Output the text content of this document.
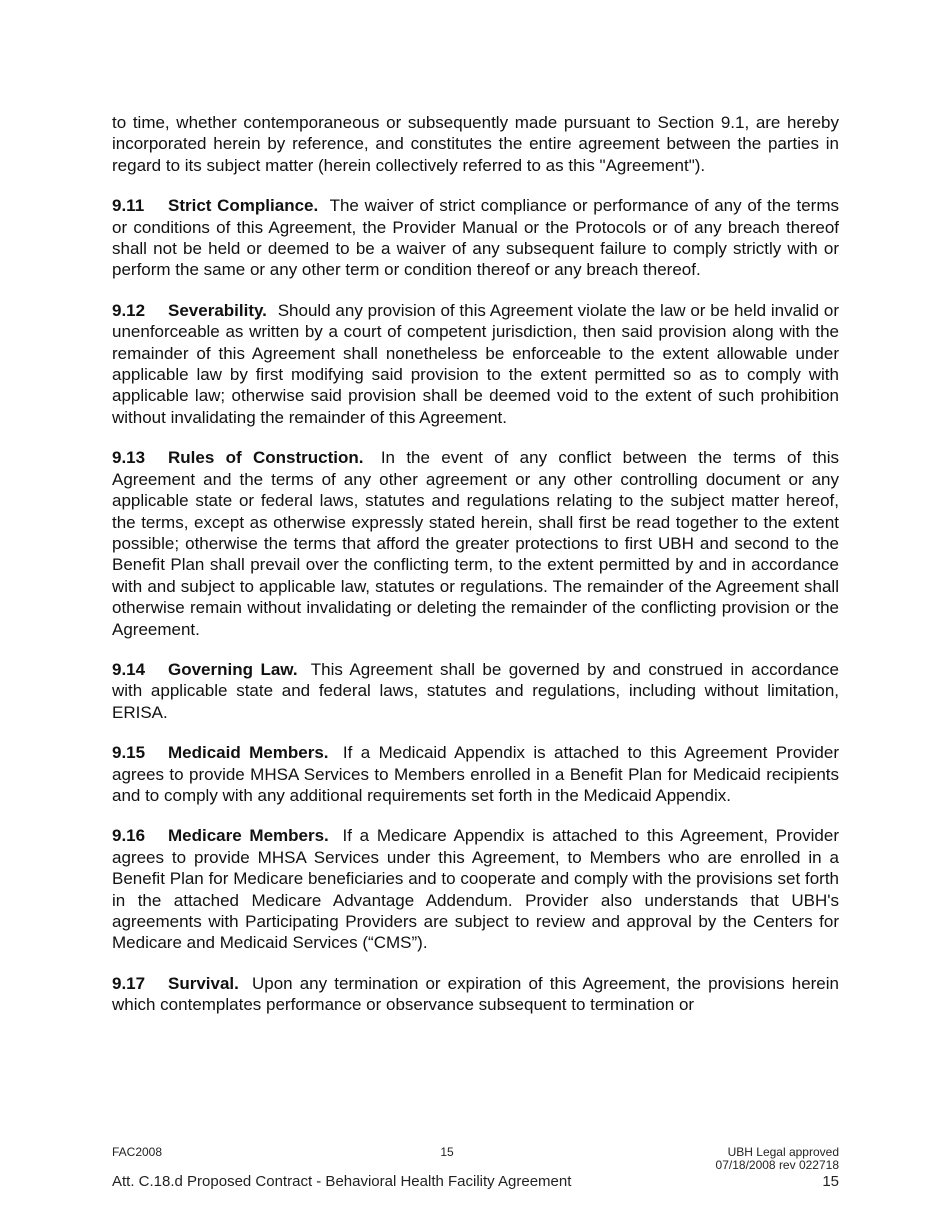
to time, whether contemporaneous or subsequently made pursuant to Section 9.1, are hereby incorporated herein by reference, and constitutes the entire agreement between the parties in regard to its subject matter (herein collectively referred to as this "Agreement").

9.11 Strict Compliance. The waiver of strict compliance or performance of any of the terms or conditions of this Agreement, the Provider Manual or the Protocols or of any breach thereof shall not be held or deemed to be a waiver of any subsequent failure to comply strictly with or perform the same or any other term or condition thereof or any breach thereof.

9.12 Severability. Should any provision of this Agreement violate the law or be held invalid or unenforceable as written by a court of competent jurisdiction, then said provision along with the remainder of this Agreement shall nonetheless be enforceable to the extent allowable under applicable law by first modifying said provision to the extent permitted so as to comply with applicable law; otherwise said provision shall be deemed void to the extent of such prohibition without invalidating the remainder of this Agreement.

9.13 Rules of Construction. In the event of any conflict between the terms of this Agreement and the terms of any other agreement or any other controlling document or any applicable state or federal laws, statutes and regulations relating to the subject matter hereof, the terms, except as otherwise expressly stated herein, shall first be read together to the extent possible; otherwise the terms that afford the greater protections to first UBH and second to the Benefit Plan shall prevail over the conflicting term, to the extent permitted by and in accordance with and subject to applicable law, statutes or regulations. The remainder of the Agreement shall otherwise remain without invalidating or deleting the remainder of the conflicting provision or the Agreement.

9.14 Governing Law. This Agreement shall be governed by and construed in accordance with applicable state and federal laws, statutes and regulations, including without limitation, ERISA.

9.15 Medicaid Members. If a Medicaid Appendix is attached to this Agreement Provider agrees to provide MHSA Services to Members enrolled in a Benefit Plan for Medicaid recipients and to comply with any additional requirements set forth in the Medicaid Appendix.

9.16 Medicare Members. If a Medicare Appendix is attached to this Agreement, Provider agrees to provide MHSA Services under this Agreement, to Members who are enrolled in a Benefit Plan for Medicare beneficiaries and to cooperate and comply with the provisions set forth in the attached Medicare Advantage Addendum. Provider also understands that UBH's agreements with Participating Providers are subject to review and approval by the Centers for Medicare and Medicaid Services (“CMS”).

9.17 Survival. Upon any termination or expiration of this Agreement, the provisions herein which contemplates performance or observance subsequent to termination or

FAC2008	15	UBH Legal approved
07/18/2008 rev 022718
Att. C.18.d Proposed Contract - Behavioral Health Facility Agreement	15
